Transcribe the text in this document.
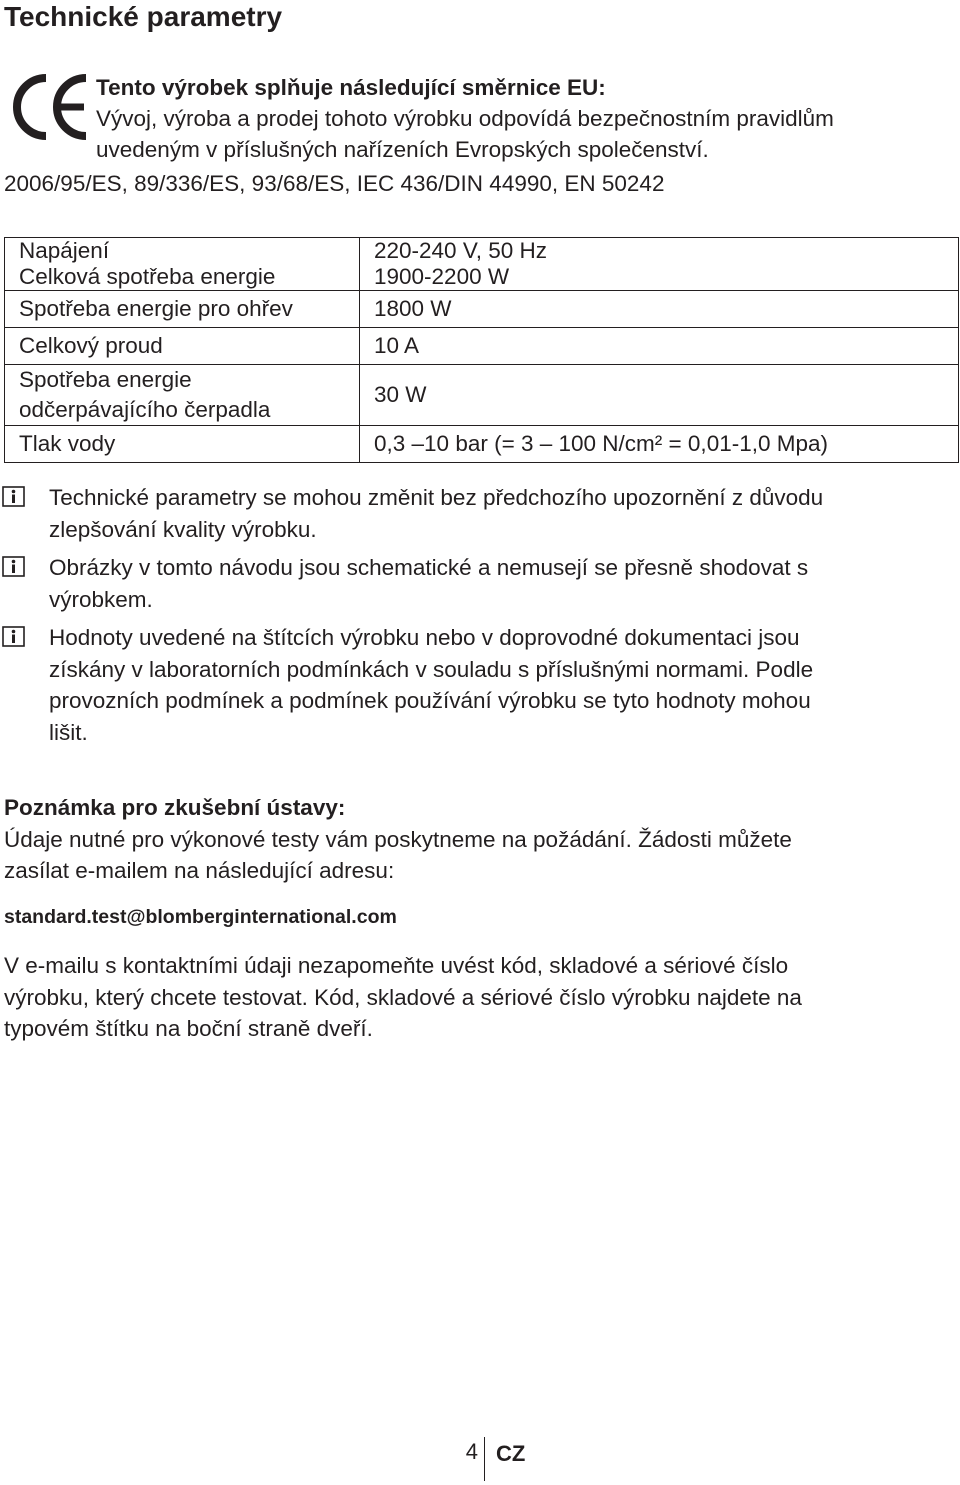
Technické parametry
Tento výrobek splňuje následující směrnice EU:
Vývoj, výroba a prodej tohoto výrobku odpovídá bezpečnostním pravidlům
uvedeným v příslušných nařízeních Evropských společenství.
2006/95/ES, 89/336/ES, 93/68/ES, IEC 436/DIN 44990, EN 50242
Napájení	220-240 V, 50 Hz
Celková spotřeba energie	1900-2200 W
Spotřeba energie pro ohřev	1800 W
Celkový proud	10 A

Spotřeba energie
odčerpávajícího čerpadla	30 W
Tlak vody	0,3 –10 bar (= 3 – 100 N/cm² = 0,01-1,0 Mpa)
Technické parametry se mohou změnit bez předchozího upozornění z důvodu
zlepšování kvality výrobku.
Obrázky v tomto návodu jsou schematické a nemusejí se přesně shodovat s
výrobkem.
Hodnoty uvedené na štítcích výrobku nebo v doprovodné dokumentaci jsou
získány v laboratorních podmínkách v souladu s příslušnými normami. Podle
provozních podmínek a podmínek používání výrobku se tyto hodnoty mohou
lišit.
Poznámka pro zkušební ústavy:
Údaje nutné pro výkonové testy vám poskytneme na požádání. Žádosti můžete
zasílat e-mailem na následující adresu:
standard.test@blomberginternational.com
V e-mailu s kontaktními údaji nezapomeňte uvést kód, skladové a sériové číslo
výrobku, který chcete testovat. Kód, skladové a sériové číslo výrobku najdete na
typovém štítku na boční straně dveří.
4 CZ
